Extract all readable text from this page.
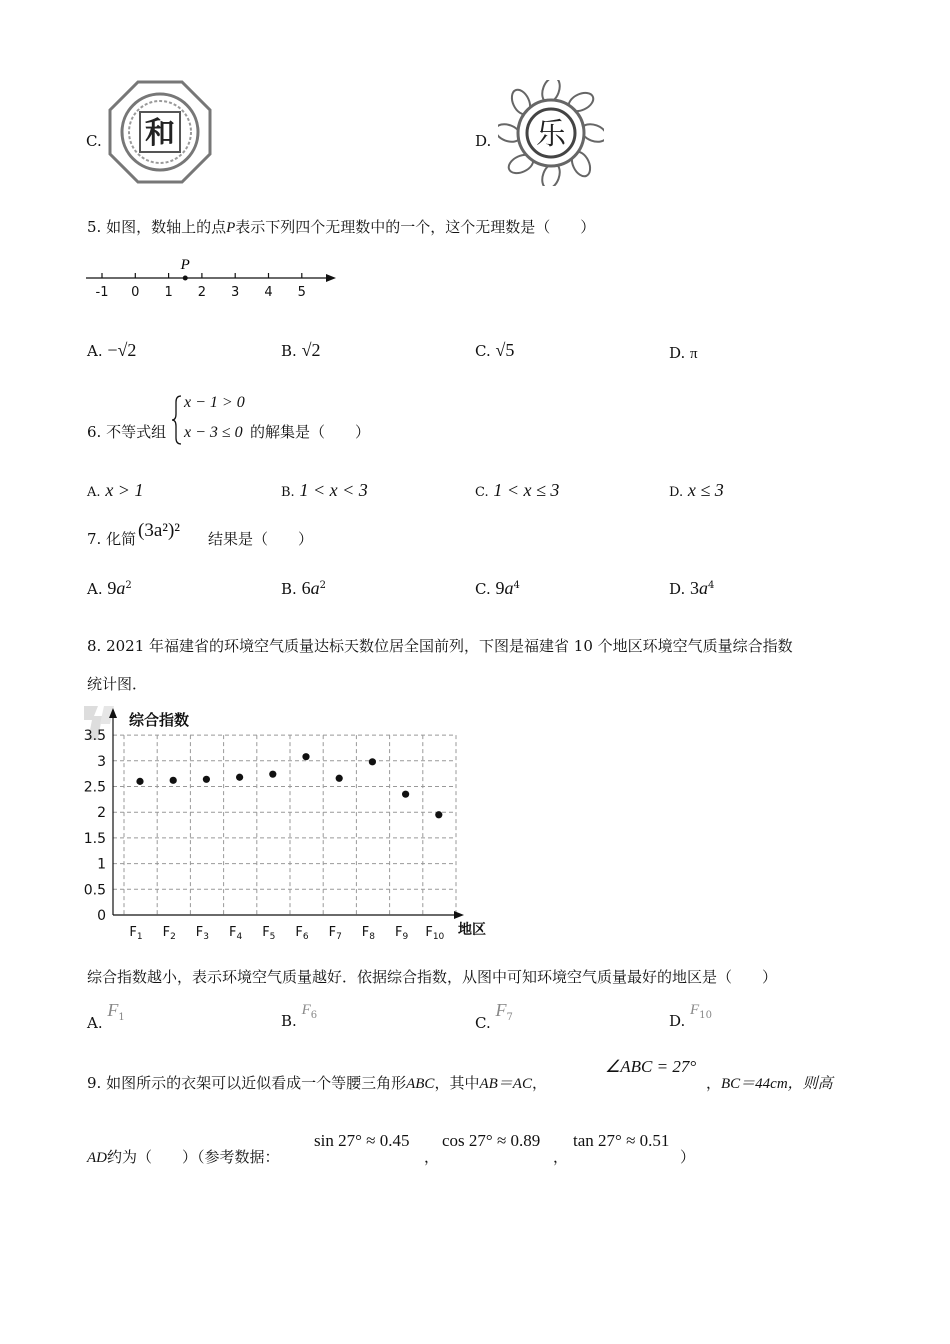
C. 和	D. 乐
5. 如图，数轴上的点P表示下列四个无理数中的一个，这个无理数是（　　）
-1 0 1 2 3 4 5
P
A. −√2	B. √2	C. √5	D. π
6. 不等式组
x − 1 > 0
x − 3 ≤ 0 的解集是（　　）
A. x > 1	B. 1 < x < 3	C. 1 < x ≤ 3	D. x ≤ 3
7. 化简 (3a²)² 结果是（　　）
A. $9a^2$	B. $6a^2$	C. $9a^4$	D. $3a^4$
8. 2021 年福建省的环境空气质量达标天数位居全国前列，下图是福建省 10 个地区环境空气质量综合指数
统计图．
综合指数
地区
0
0.5
1
1.5
2
2.5
3
3.5
$F_1$ $F_2$ $F_3$ $F_4$ $F_5$ $F_6$ $F_7$ $F_8$ $F_9$ $F_{10}$
综合指数越小，表示环境空气质量越好．依据综合指数，从图中可知环境空气质量最好的地区是（　　）
A. $F_1$	B. $F_6$	C. $F_7$	D. $F_{10}$
9. 如图所示的衣架可以近似看成一个等腰三角形ABC，其中AB＝AC，
∠ABC = 27°
，BC＝44cm，则高
AD约为（　　）（参考数据：
sin 27° ≈ 0.45
，
cos 27° ≈ 0.89
，
tan 27° ≈ 0.51
）
